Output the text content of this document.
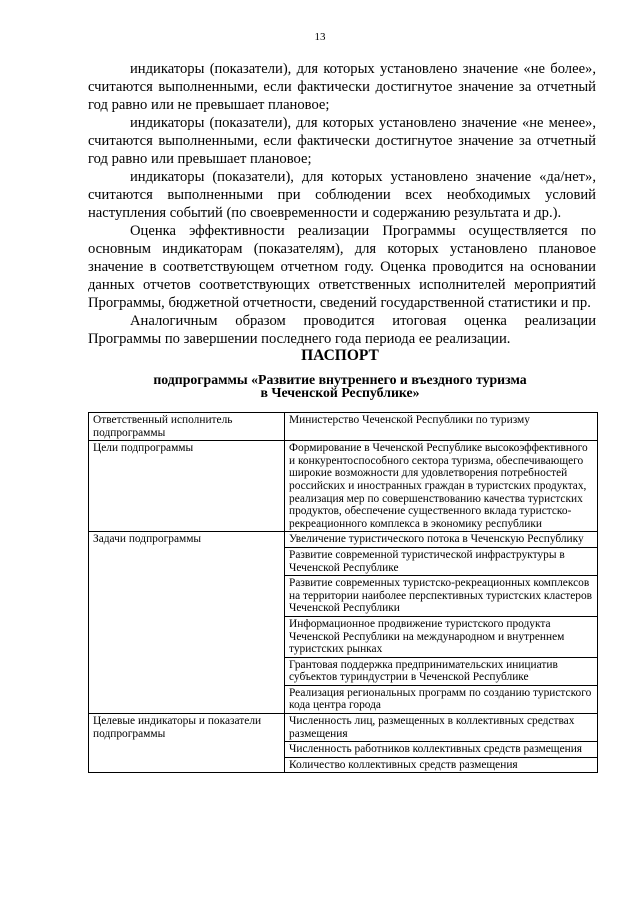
13

индикаторы (показатели), для которых установлено значение «не более», считаются выполненными, если фактически достигнутое значение за отчетный год равно или не превышает плановое;

индикаторы (показатели), для которых установлено значение «не менее», считаются выполненными, если фактически достигнутое значение за отчетный год равно или превышает плановое;

индикаторы (показатели), для которых установлено значение «да/нет», считаются выполненными при соблюдении всех необходимых условий наступления событий (по своевременности и содержанию результата и др.).

Оценка эффективности реализации Программы осуществляется по основным индикаторам (показателям), для которых установлено плановое значение в соответствующем отчетном году. Оценка проводится на основании данных отчетов соответствующих ответственных исполнителей мероприятий Программы, бюджетной отчетности, сведений государственной статистики и пр.

Аналогичным образом проводится итоговая оценка реализации Программы по завершении последнего года периода ее реализации.

ПАСПОРТ
подпрограммы «Развитие внутреннего и въездного туризма
в Чеченской Республике»
Ответственный исполнитель подпрограммы	Министерство Чеченской Республики по туризму
Цели подпрограммы	Формирование в Чеченской Республике высокоэффективного и конкурентоспособного сектора туризма, обеспечивающего широкие возможности для удовлетворения потребностей российских и иностранных граждан в туристских продуктах, реализация мер по совершенствованию качества туристских продуктов, обеспечение существенного вклада туристско-рекреационного комплекса в экономику республики
Задачи подпрограммы	Увеличение туристического потока в Чеченскую Республику
	Развитие современной туристической инфраструктуры в Чеченской Республике
	Развитие современных туристско-рекреационных комплексов на территории наиболее перспективных туристских кластеров Чеченской Республики
	Информационное продвижение туристского продукта Чеченской Республики на международном и внутреннем туристских рынках
	Грантовая поддержка предпринимательских инициатив субъектов туриндустрии в Чеченской Республике
	Реализация региональных программ по созданию туристского кода центра города
Целевые индикаторы и показатели подпрограммы	Численность лиц, размещенных в коллективных средствах размещения
	Численность работников коллективных средств размещения
	Количество коллективных средств размещения
